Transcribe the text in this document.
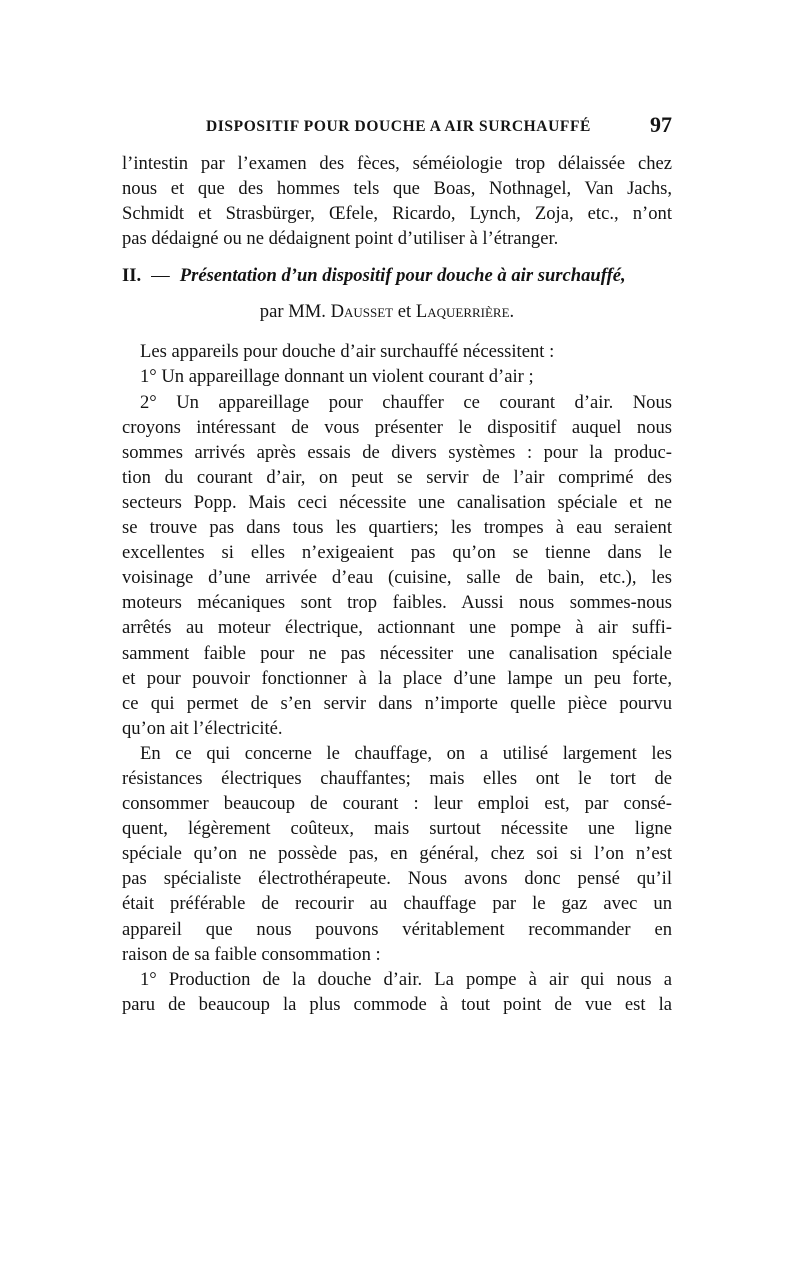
DISPOSITIF POUR DOUCHE A AIR SURCHAUFFÉ	97
l’intestin par l’examen des fèces, séméiologie trop délaissée chez
nous et que des hommes tels que Boas, Nothnagel, Van Jachs,
Schmidt et Strasbürger, Œfele, Ricardo, Lynch, Zoja, etc., n’ont
pas dédaigné ou ne dédaignent point d’utiliser à l’étranger.
II. — Présentation d’un dispositif pour douche à air surchauffé,
par MM. Dausset et Laquerrière.
Les appareils pour douche d’air surchauffé nécessitent :
1° Un appareillage donnant un violent courant d’air ;
2° Un appareillage pour chauffer ce courant d’air. Nous
croyons intéressant de vous présenter le dispositif auquel nous
sommes arrivés après essais de divers systèmes : pour la produc-
tion du courant d’air, on peut se servir de l’air comprimé des
secteurs Popp. Mais ceci nécessite une canalisation spéciale et ne
se trouve pas dans tous les quartiers; les trompes à eau seraient
excellentes si elles n’exigeaient pas qu’on se tienne dans le
voisinage d’une arrivée d’eau (cuisine, salle de bain, etc.), les
moteurs mécaniques sont trop faibles. Aussi nous sommes-nous
arrêtés au moteur électrique, actionnant une pompe à air suffi-
samment faible pour ne pas nécessiter une canalisation spéciale
et pour pouvoir fonctionner à la place d’une lampe un peu forte,
ce qui permet de s’en servir dans n’importe quelle pièce pourvu
qu’on ait l’électricité.
En ce qui concerne le chauffage, on a utilisé largement les
résistances électriques chauffantes; mais elles ont le tort de
consommer beaucoup de courant : leur emploi est, par consé-
quent, légèrement coûteux, mais surtout nécessite une ligne
spéciale qu’on ne possède pas, en général, chez soi si l’on n’est
pas spécialiste électrothérapeute. Nous avons donc pensé qu’il
était préférable de recourir au chauffage par le gaz avec un
appareil que nous pouvons véritablement recommander en
raison de sa faible consommation :
1° Production de la douche d’air. La pompe à air qui nous a
paru de beaucoup la plus commode à tout point de vue est la
